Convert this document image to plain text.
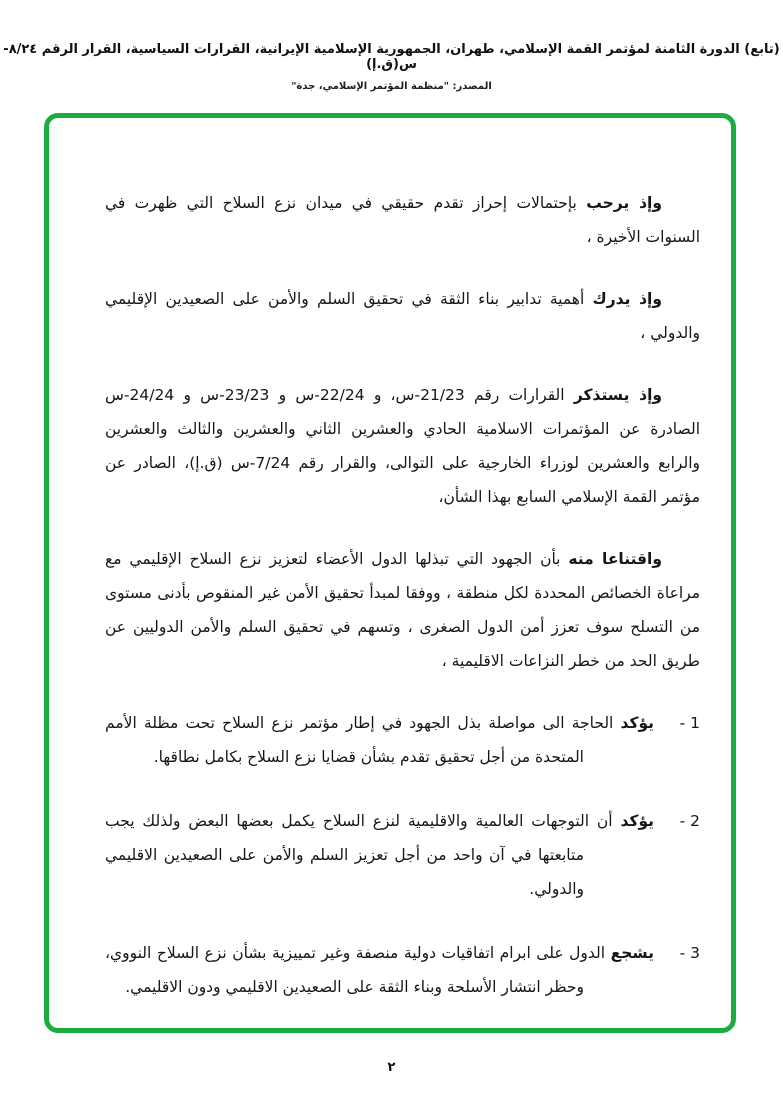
(تابع) الدورة الثامنة لمؤتمر القمة الإسلامي، طهران، الجمهورية الإسلامية الإيرانية، القرارات السياسية، القرار الرقم ٨/٢٤-س(ق.إ)
المصدر: "منظمة المؤتمر الإسلامي، جدة"

وإذ يرحب بإحتمالات إحراز تقدم حقيقي في ميدان نزع السلاح التي ظهرت في السنوات الأخيرة ،

وإذ يدرك أهمية تدابير بناء الثقة في تحقيق السلم والأمن على الصعيدين الإقليمي والدولي ،

وإذ يستذكر القرارات رقم 21/23-س، و 22/24-س و 23/23-س و 24/24-س الصادرة عن المؤتمرات الاسلامية الحادي والعشرين الثاني والعشرين والثالث والعشرين والرابع والعشرين لوزراء الخارجية على التوالى، والقرار رقم 7/24-س (ق.إ)، الصادر عن مؤتمر القمة الإسلامي السابع بهذا الشأن،

واقتناعا منه بأن الجهود التي تبذلها الدول الأعضاء لتعزيز نزع السلاح الإقليمي مع مراعاة الخصائص المحددة لكل منطقة ، ووفقا لمبدأ تحقيق الأمن غير المنقوص بأدنى مستوى من التسلح سوف تعزز أمن الدول الصغرى ، وتسهم في تحقيق السلم والأمن الدوليين عن طريق الحد من خطر النزاعات الاقليمية ،

1 -
يؤكد الحاجة الى مواصلة بذل الجهود في إطار مؤتمر نزع السلاح تحت مظلة الأمم المتحدة من أجل تحقيق تقدم بشأن قضايا نزع السلاح بكامل نطاقها.
2 -
يؤكد أن التوجهات العالمية والاقليمية لنزع السلاح يكمل بعضها البعض ولذلك يجب متابعتها في آن واحد من أجل تعزيز السلم والأمن على الصعيدين الاقليمي والدولي.
3 -
يشجع الدول على ابرام اتفاقيات دولية منصفة وغير تمييزية بشأن نزع السلاح النووي، وحظر انتشار الأسلحة وبناء الثقة على الصعيدين الاقليمي ودون الاقليمي.
٢
